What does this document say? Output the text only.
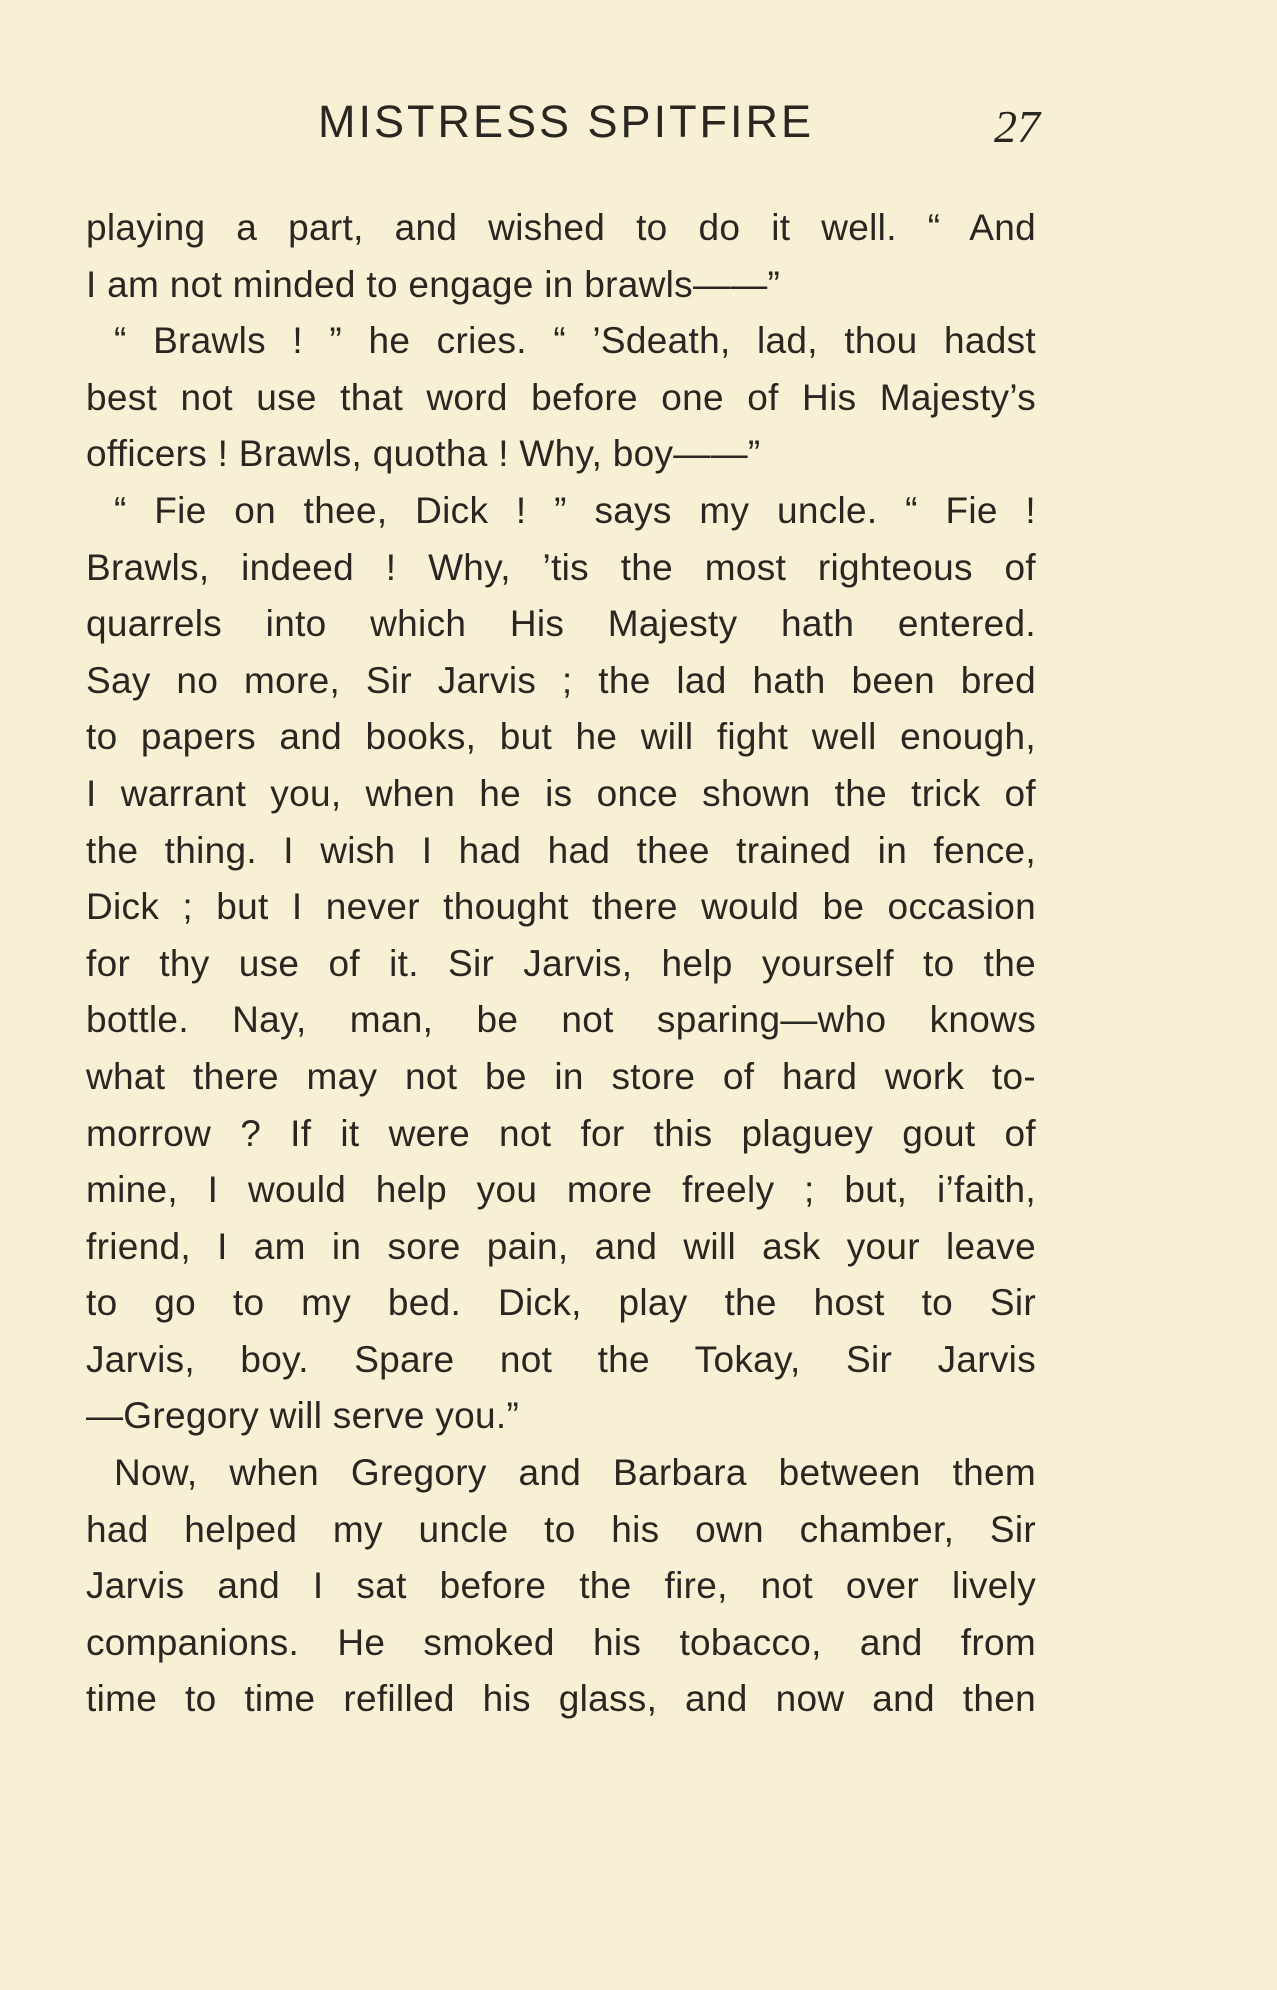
MISTRESS SPITFIRE	27
playing a part, and wished to do it well. “ And
I am not minded to engage in brawls——”
“ Brawls ! ” he cries. “ ’Sdeath, lad, thou hadst
best not use that word before one of His Majesty’s
officers ! Brawls, quotha ! Why, boy——”
“ Fie on thee, Dick ! ” says my uncle. “ Fie !
Brawls, indeed ! Why, ’tis the most righteous of
quarrels into which His Majesty hath entered.
Say no more, Sir Jarvis ; the lad hath been bred
to papers and books, but he will fight well enough,
I warrant you, when he is once shown the trick of
the thing. I wish I had had thee trained in fence,
Dick ; but I never thought there would be occasion
for thy use of it. Sir Jarvis, help yourself to the
bottle. Nay, man, be not sparing—who knows
what there may not be in store of hard work to-
morrow ? If it were not for this plaguey gout of
mine, I would help you more freely ; but, i’faith,
friend, I am in sore pain, and will ask your leave
to go to my bed. Dick, play the host to Sir
Jarvis, boy. Spare not the Tokay, Sir Jarvis
—Gregory will serve you.”
Now, when Gregory and Barbara between them
had helped my uncle to his own chamber, Sir
Jarvis and I sat before the fire, not over lively
companions. He smoked his tobacco, and from
time to time refilled his glass, and now and then
